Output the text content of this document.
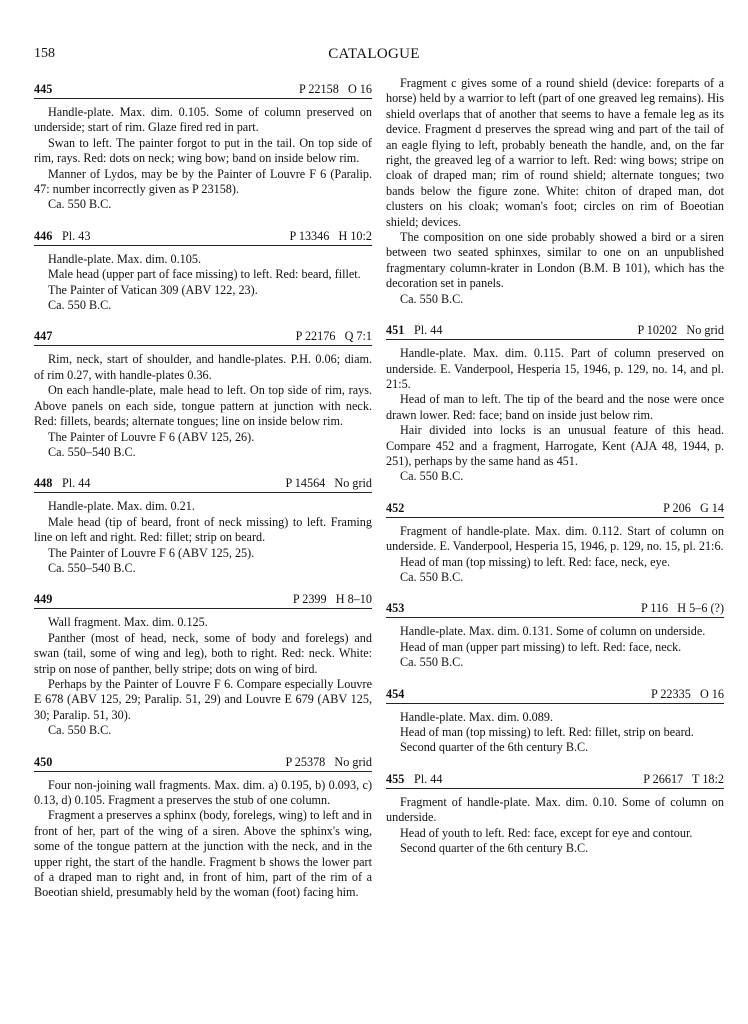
158	CATALOGUE
445	P 22158   O 16

Handle-plate. Max. dim. 0.105. Some of column preserved on underside; start of rim. Glaze fired red in part.

Swan to left. The painter forgot to put in the tail. On top side of rim, rays. Red: dots on neck; wing bow; band on inside below rim.

Manner of Lydos, may be by the Painter of Louvre F 6 (Paralip. 47: number incorrectly given as P 23158).

Ca. 550 B.C.

446 Pl. 43	P 13346   H 10:2

Handle-plate. Max. dim. 0.105.

Male head (upper part of face missing) to left. Red: beard, fillet.

The Painter of Vatican 309 (ABV 122, 23).

Ca. 550 B.C.

447	P 22176   Q 7:1

Rim, neck, start of shoulder, and handle-plates. P.H. 0.06; diam. of rim 0.27, with handle-plates 0.36.

On each handle-plate, male head to left. On top side of rim, rays. Above panels on each side, tongue pattern at junction with neck. Red: fillets, beards; alternate tongues; line on inside below rim.

The Painter of Louvre F 6 (ABV 125, 26).

Ca. 550–540 B.C.

448 Pl. 44	P 14564   No grid

Handle-plate. Max. dim. 0.21.

Male head (tip of beard, front of neck missing) to left. Framing line on left and right. Red: fillet; strip on beard.

The Painter of Louvre F 6 (ABV 125, 25).

Ca. 550–540 B.C.

449	P 2399   H 8–10

Wall fragment. Max. dim. 0.125.

Panther (most of head, neck, some of body and forelegs) and swan (tail, some of wing and leg), both to right. Red: neck. White: strip on nose of panther, belly stripe; dots on wing of bird.

Perhaps by the Painter of Louvre F 6. Compare especially Louvre E 678 (ABV 125, 29; Paralip. 51, 29) and Louvre E 679 (ABV 125, 30; Paralip. 51, 30).

Ca. 550 B.C.

450	P 25378   No grid

Four non-joining wall fragments. Max. dim. a) 0.195, b) 0.093, c) 0.13, d) 0.105. Fragment a preserves the stub of one column.

Fragment a preserves a sphinx (body, forelegs, wing) to left and in front of her, part of the wing of a siren. Above the sphinx's wing, some of the tongue pattern at the junction with the neck, and in the upper right, the start of the handle. Fragment b shows the lower part of a draped man to right and, in front of him, part of the rim of a Boeotian shield, presumably held by the woman (foot) facing him.

Fragment c gives some of a round shield (device: foreparts of a horse) held by a warrior to left (part of one greaved leg remains). His shield overlaps that of another that seems to have a female leg as its device. Fragment d preserves the spread wing and part of the tail of an eagle flying to left, probably beneath the handle, and, on the far right, the greaved leg of a warrior to left. Red: wing bows; stripe on cloak of draped man; rim of round shield; alternate tongues; two bands below the figure zone. White: chiton of draped man, dot clusters on his cloak; woman's foot; circles on rim of Boeotian shield; devices.

The composition on one side probably showed a bird or a siren between two seated sphinxes, similar to one on an unpublished fragmentary column-krater in London (B.M. B 101), which has the decoration set in panels.

Ca. 550 B.C.

451 Pl. 44	P 10202   No grid

Handle-plate. Max. dim. 0.115. Part of column preserved on underside. E. Vanderpool, Hesperia 15, 1946, p. 129, no. 14, and pl. 21:5.

Head of man to left. The tip of the beard and the nose were once drawn lower. Red: face; band on inside just below rim.

Hair divided into locks is an unusual feature of this head. Compare 452 and a fragment, Harrogate, Kent (AJA 48, 1944, p. 251), perhaps by the same hand as 451.

Ca. 550 B.C.

452	P 206   G 14

Fragment of handle-plate. Max. dim. 0.112. Start of column on underside. E. Vanderpool, Hesperia 15, 1946, p. 129, no. 15, pl. 21:6.

Head of man (top missing) to left. Red: face, neck, eye.

Ca. 550 B.C.

453	P 116   H 5–6 (?)

Handle-plate. Max. dim. 0.131. Some of column on underside.

Head of man (upper part missing) to left. Red: face, neck.

Ca. 550 B.C.

454	P 22335   O 16

Handle-plate. Max. dim. 0.089.

Head of man (top missing) to left. Red: fillet, strip on beard.

Second quarter of the 6th century B.C.

455 Pl. 44	P 26617   T 18:2

Fragment of handle-plate. Max. dim. 0.10. Some of column on underside.

Head of youth to left. Red: face, except for eye and contour.

Second quarter of the 6th century B.C.
